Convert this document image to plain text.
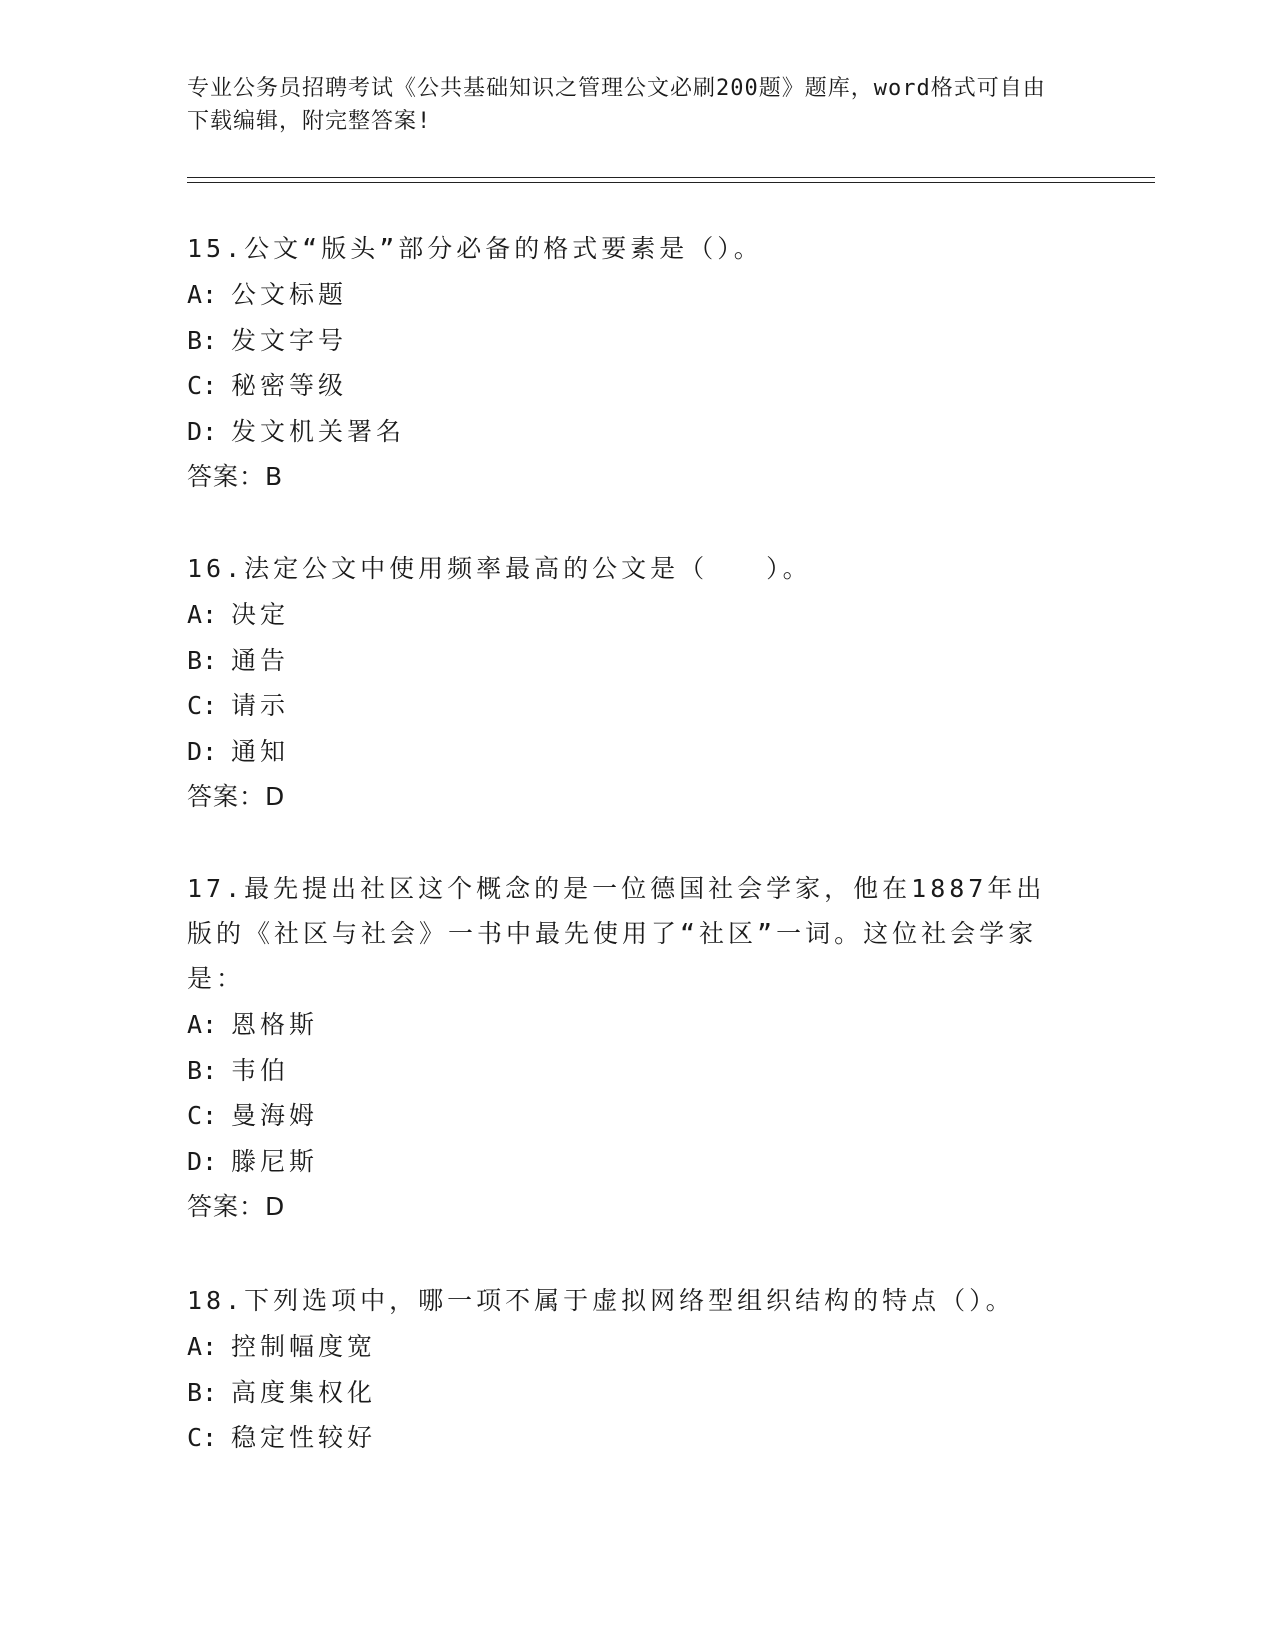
专业公务员招聘考试《公共基础知识之管理公文必刷200题》题库，word格式可自由下载编辑，附完整答案!
15.公文“版头”部分必备的格式要素是（）。
A: 公文标题
B: 发文字号
C: 秘密等级
D: 发文机关署名
答案：B
16.法定公文中使用频率最高的公文是（　　）。
A: 决定
B: 通告
C: 请示
D: 通知
答案：D
17.最先提出社区这个概念的是一位德国社会学家，他在1887年出版的《社区与社会》一书中最先使用了“社区”一词。这位社会学家是：
A: 恩格斯
B: 韦伯
C: 曼海姆
D: 滕尼斯
答案：D
18.下列选项中，哪一项不属于虚拟网络型组织结构的特点（）。
A: 控制幅度宽
B: 高度集权化
C: 稳定性较好
